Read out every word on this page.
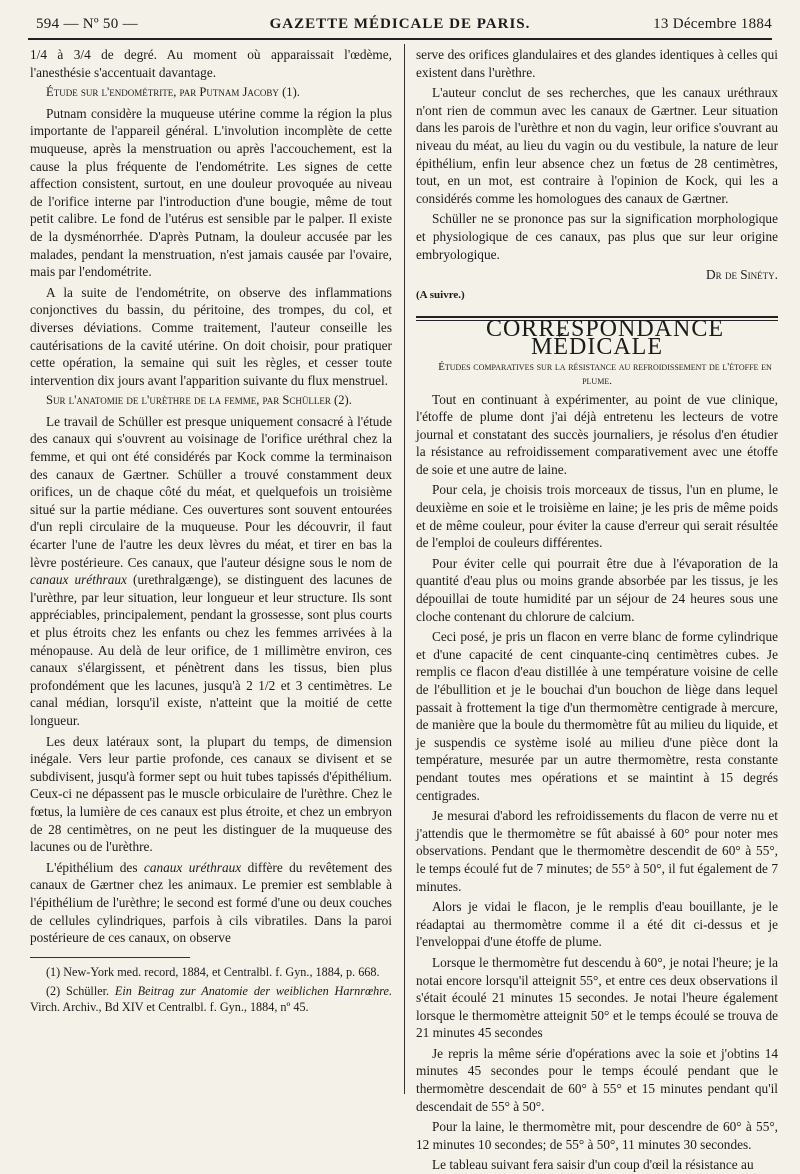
594 — Nº 50 —	GAZETTE MÉDICALE DE PARIS.	13 Décembre 1884

1/4 à 3/4 de degré. Au moment où apparaissait l'œdème, l'anesthésie s'accentuait davantage.

Étude sur l'endométrite, par Putnam Jacoby (1).

Putnam considère la muqueuse utérine comme la région la plus importante de l'appareil général. L'involution incomplète de cette muqueuse, après la menstruation ou après l'accouchement, est la cause la plus fréquente de l'endométrite. Les signes de cette affection consistent, surtout, en une douleur provoquée au niveau de l'orifice interne par l'introduction d'une bougie, même de tout petit calibre. Le fond de l'utérus est sensible par le palper. Il existe de la dysménorrhée. D'après Putnam, la douleur accusée par les malades, pendant la menstruation, n'est jamais causée par l'ovaire, mais par l'endométrite.

A la suite de l'endométrite, on observe des inflammations conjonctives du bassin, du péritoine, des trompes, du col, et diverses déviations. Comme traitement, l'auteur conseille les cautérisations de la cavité utérine. On doit choisir, pour pratiquer cette opération, la semaine qui suit les règles, et cesser toute intervention dix jours avant l'apparition suivante du flux menstruel.

Sur l'anatomie de l'urèthre de la femme, par Schüller (2).

Le travail de Schüller est presque uniquement consacré à l'étude des canaux qui s'ouvrent au voisinage de l'orifice uréthral chez la femme, et qui ont été considérés par Kock comme la terminaison des canaux de Gærtner. Schüller a trouvé constamment deux orifices, un de chaque côté du méat, et quelquefois un troisième situé sur la partie médiane. Ces ouvertures sont souvent entourées d'un repli circulaire de la muqueuse. Pour les découvrir, il faut écarter l'une de l'autre les deux lèvres du méat, et tirer en bas la lèvre postérieure. Ces canaux, que l'auteur désigne sous le nom de canaux uréthraux (urethralgænge), se distinguent des lacunes de l'urèthre, par leur situation, leur longueur et leur structure. Ils sont appréciables, principalement, pendant la grossesse, sont plus courts et plus étroits chez les enfants ou chez les femmes arrivées à la ménopause. Au delà de leur orifice, de 1 millimètre environ, ces canaux s'élargissent, et pénètrent dans les tissus, bien plus profondément que les lacunes, jusqu'à 2 1/2 et 3 centimètres. Le canal médian, lorsqu'il existe, n'atteint que la moitié de cette longueur.

Les deux latéraux sont, la plupart du temps, de dimension inégale. Vers leur partie profonde, ces canaux se divisent et se subdivisent, jusqu'à former sept ou huit tubes tapissés d'épithélium. Ceux-ci ne dépassent pas le muscle orbiculaire de l'urèthre. Chez le fœtus, la lumière de ces canaux est plus étroite, et chez un embryon de 28 centimètres, on ne peut les distinguer de la muqueuse des lacunes ou de l'urèthre.

L'épithélium des canaux uréthraux diffère du revêtement des canaux de Gærtner chez les animaux. Le premier est semblable à l'épithélium de l'urèthre; le second est formé d'une ou deux couches de cellules cylindriques, parfois à cils vibratiles. Dans la paroi postérieure de ces canaux, on observe

(1) New-York med. record, 1884, et Centralbl. f. Gyn., 1884, p. 668.

(2) Schüller. Ein Beitrag zur Anatomie der weiblichen Harnrœhre. Virch. Archiv., Bd XIV et Centralbl. f. Gyn., 1884, nº 45.

serve des orifices glandulaires et des glandes identiques à celles qui existent dans l'urèthre.

L'auteur conclut de ses recherches, que les canaux uréthraux n'ont rien de commun avec les canaux de Gærtner. Leur situation dans les parois de l'urèthre et non du vagin, leur orifice s'ouvrant au niveau du méat, au lieu du vagin ou du vestibule, la nature de leur épithélium, enfin leur absence chez un fœtus de 28 centimètres, tout, en un mot, est contraire à l'opinion de Kock, qui les a considérés comme les homologues des canaux de Gærtner.

Schüller ne se prononce pas sur la signification morphologique et physiologique de ces canaux, pas plus que sur leur origine embryologique.

Dr de Sinéty.

(A suivre.)

CORRESPONDANCE MÉDICALE

Études comparatives sur la résistance au refroidissement de l'étoffe en plume.

Tout en continuant à expérimenter, au point de vue clinique, l'étoffe de plume dont j'ai déjà entretenu les lecteurs de votre journal et constatant des succès journaliers, je résolus d'en étudier la résistance au refroidissement comparativement avec une étoffe de soie et une autre de laine.

Pour cela, je choisis trois morceaux de tissus, l'un en plume, le deuxième en soie et le troisième en laine; je les pris de même poids et de même couleur, pour éviter la cause d'erreur qui serait résultée de l'emploi de couleurs différentes.

Pour éviter celle qui pourrait être due à l'évaporation de la quantité d'eau plus ou moins grande absorbée par les tissus, je les dépouillai de toute humidité par un séjour de 24 heures sous une cloche contenant du chlorure de calcium.

Ceci posé, je pris un flacon en verre blanc de forme cylindrique et d'une capacité de cent cinquante-cinq centimètres cubes. Je remplis ce flacon d'eau distillée à une température voisine de celle de l'ébullition et je le bouchai d'un bouchon de liège dans lequel passait à frottement la tige d'un thermomètre centigrade à mercure, de manière que la boule du thermomètre fût au milieu du liquide, et je suspendis ce système isolé au milieu d'une pièce dont la température, mesurée par un autre thermomètre, resta constante pendant toutes mes opérations et se maintint à 15 degrés centigrades.

Je mesurai d'abord les refroidissements du flacon de verre nu et j'attendis que le thermomètre se fût abaissé à 60° pour noter mes observations. Pendant que le thermomètre descendit de 60° à 55°, le temps écoulé fut de 7 minutes; de 55° à 50°, il fut également de 7 minutes.

Alors je vidai le flacon, je le remplis d'eau bouillante, je le réadaptai au thermomètre comme il a été dit ci-dessus et je l'enveloppai d'une étoffe de plume.

Lorsque le thermomètre fut descendu à 60°, je notai l'heure; je la notai encore lorsqu'il atteignit 55°, et entre ces deux observations il s'était écoulé 21 minutes 15 secondes. Je notai l'heure également lorsque le thermomètre atteignit 50° et le temps écoulé se trouva de 21 minutes 45 secondes

Je repris la même série d'opérations avec la soie et j'obtins 14 minutes 45 secondes pour le temps écoulé pendant que le thermomètre descendait de 60° à 55° et 15 minutes pendant qu'il descendait de 55° à 50°.

Pour la laine, le thermomètre mit, pour descendre de 60° à 55°, 12 minutes 10 secondes; de 55° à 50°, 11 minutes 30 secondes.

Le tableau suivant fera saisir d'un coup d'œil la résistance au
